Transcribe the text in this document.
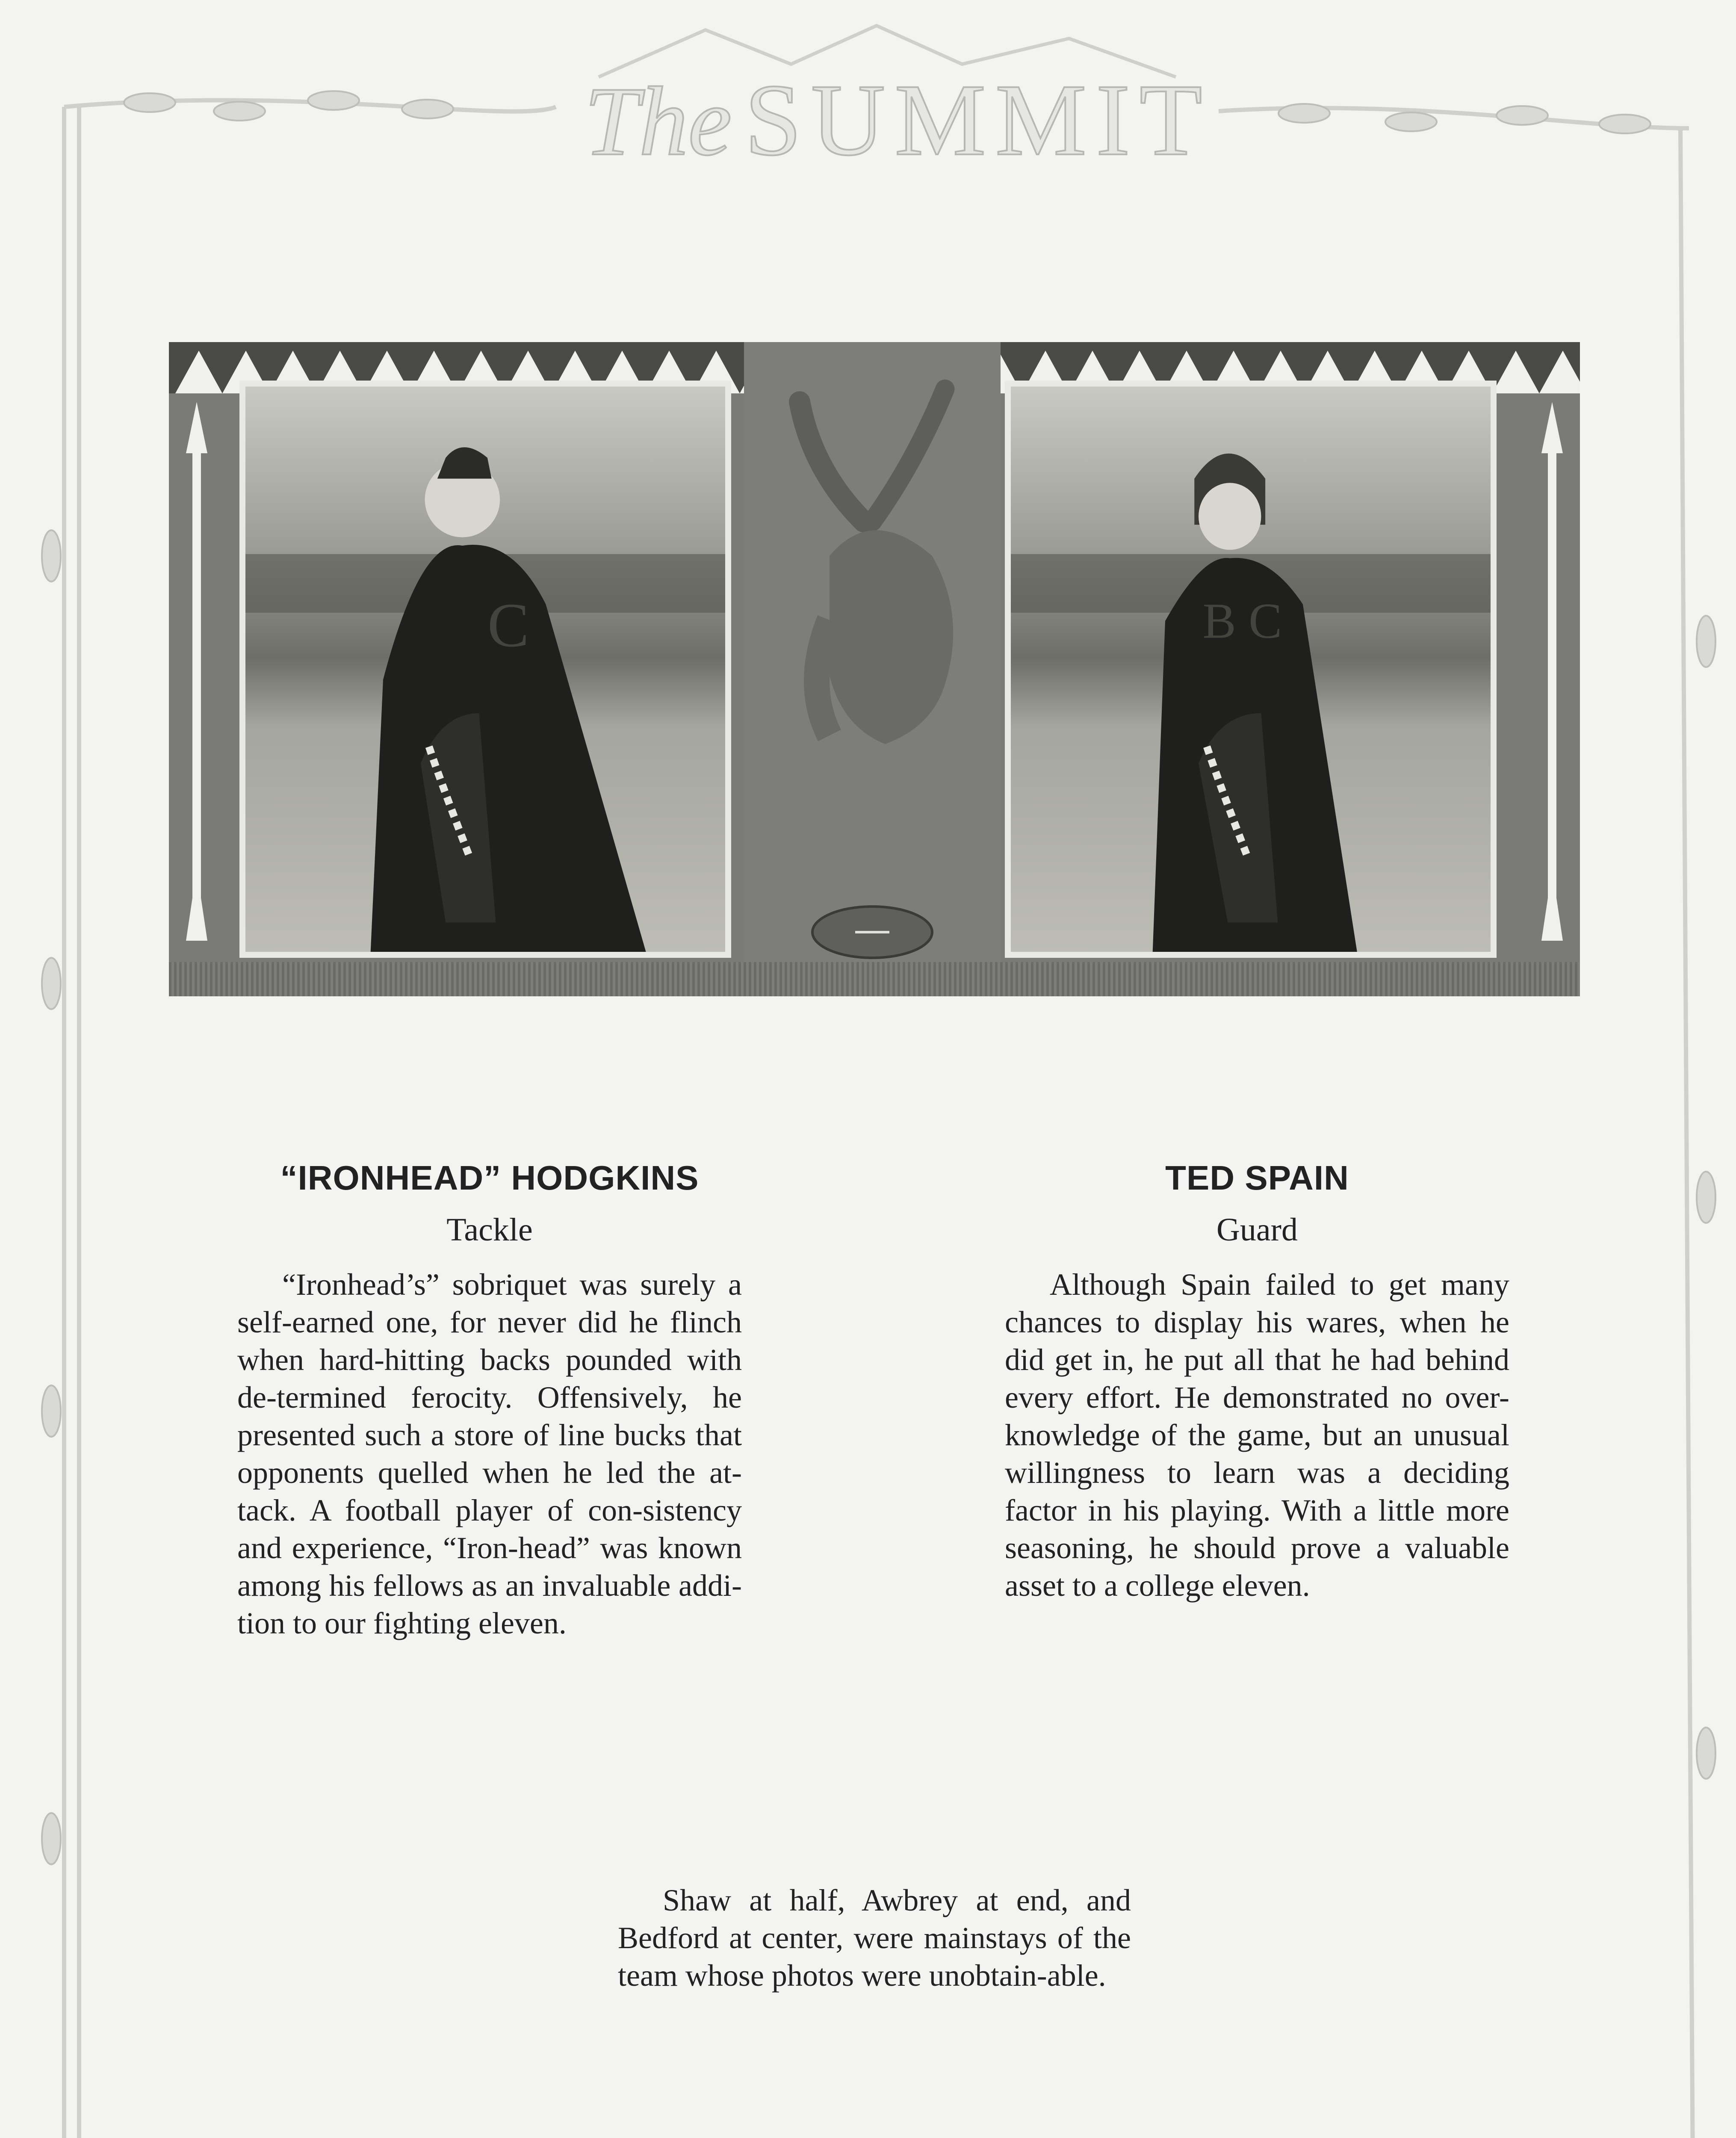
The SUMMIT
C	B C
“IRONHEAD” HODGKINS
Tackle

“Ironhead’s” sobriquet was surely a self-earned one, for never did he flinch when hard-hitting backs pounded with de-termined ferocity. Offensively, he presented such a store of line bucks that opponents quelled when he led the at-tack. A football player of con-sistency and experience, “Iron-head” was known among his fellows as an invaluable addi-tion to our fighting eleven.

TED SPAIN
Guard

Although Spain failed to get many chances to display his wares, when he did get in, he put all that he had behind every effort. He demonstrated no over-knowledge of the game, but an unusual willingness to learn was a deciding factor in his playing. With a little more seasoning, he should prove a valuable asset to a college eleven.

Shaw at half, Awbrey at end, and Bedford at center, were mainstays of the team whose photos were unobtain-able.
